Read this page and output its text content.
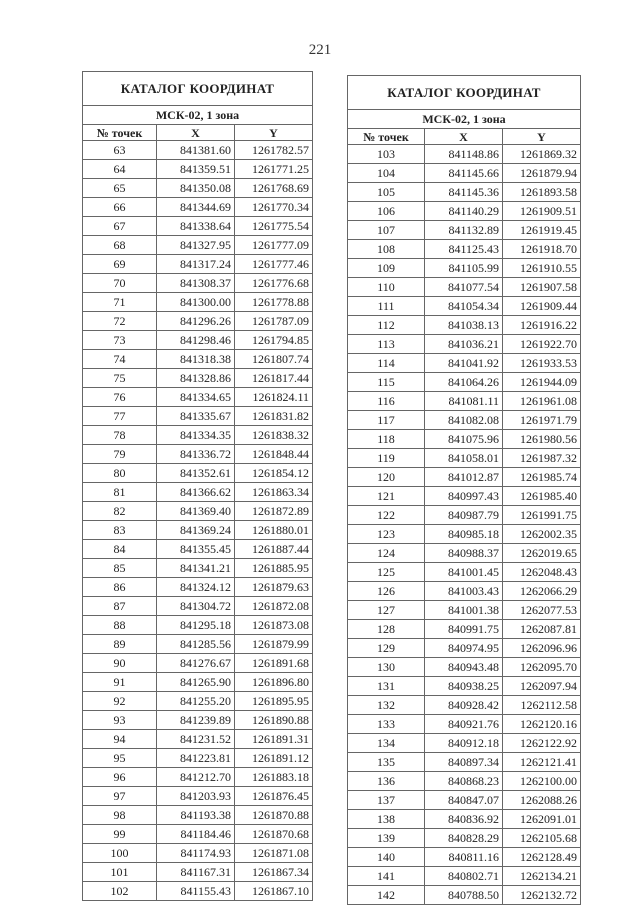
221
КАТАЛОГ КООРДИНАТ		
МСК-02, 1 зона		
№ точек	X	Y
63	841381.60	1261782.57
64	841359.51	1261771.25
65	841350.08	1261768.69
66	841344.69	1261770.34
67	841338.64	1261775.54
68	841327.95	1261777.09
69	841317.24	1261777.46
70	841308.37	1261776.68
71	841300.00	1261778.88
72	841296.26	1261787.09
73	841298.46	1261794.85
74	841318.38	1261807.74
75	841328.86	1261817.44
76	841334.65	1261824.11
77	841335.67	1261831.82
78	841334.35	1261838.32
79	841336.72	1261848.44
80	841352.61	1261854.12
81	841366.62	1261863.34
82	841369.40	1261872.89
83	841369.24	1261880.01
84	841355.45	1261887.44
85	841341.21	1261885.95
86	841324.12	1261879.63
87	841304.72	1261872.08
88	841295.18	1261873.08
89	841285.56	1261879.99
90	841276.67	1261891.68
91	841265.90	1261896.80
92	841255.20	1261895.95
93	841239.89	1261890.88
94	841231.52	1261891.31
95	841223.81	1261891.12
96	841212.70	1261883.18
97	841203.93	1261876.45
98	841193.38	1261870.88
99	841184.46	1261870.68
100	841174.93	1261871.08
101	841167.31	1261867.34
102	841155.43	1261867.10
КАТАЛОГ КООРДИНАТ		
МСК-02, 1 зона		
№ точек	X	Y
103	841148.86	1261869.32
104	841145.66	1261879.94
105	841145.36	1261893.58
106	841140.29	1261909.51
107	841132.89	1261919.45
108	841125.43	1261918.70
109	841105.99	1261910.55
110	841077.54	1261907.58
111	841054.34	1261909.44
112	841038.13	1261916.22
113	841036.21	1261922.70
114	841041.92	1261933.53
115	841064.26	1261944.09
116	841081.11	1261961.08
117	841082.08	1261971.79
118	841075.96	1261980.56
119	841058.01	1261987.32
120	841012.87	1261985.74
121	840997.43	1261985.40
122	840987.79	1261991.75
123	840985.18	1262002.35
124	840988.37	1262019.65
125	841001.45	1262048.43
126	841003.43	1262066.29
127	841001.38	1262077.53
128	840991.75	1262087.81
129	840974.95	1262096.96
130	840943.48	1262095.70
131	840938.25	1262097.94
132	840928.42	1262112.58
133	840921.76	1262120.16
134	840912.18	1262122.92
135	840897.34	1262121.41
136	840868.23	1262100.00
137	840847.07	1262088.26
138	840836.92	1262091.01
139	840828.29	1262105.68
140	840811.16	1262128.49
141	840802.71	1262134.21
142	840788.50	1262132.72
